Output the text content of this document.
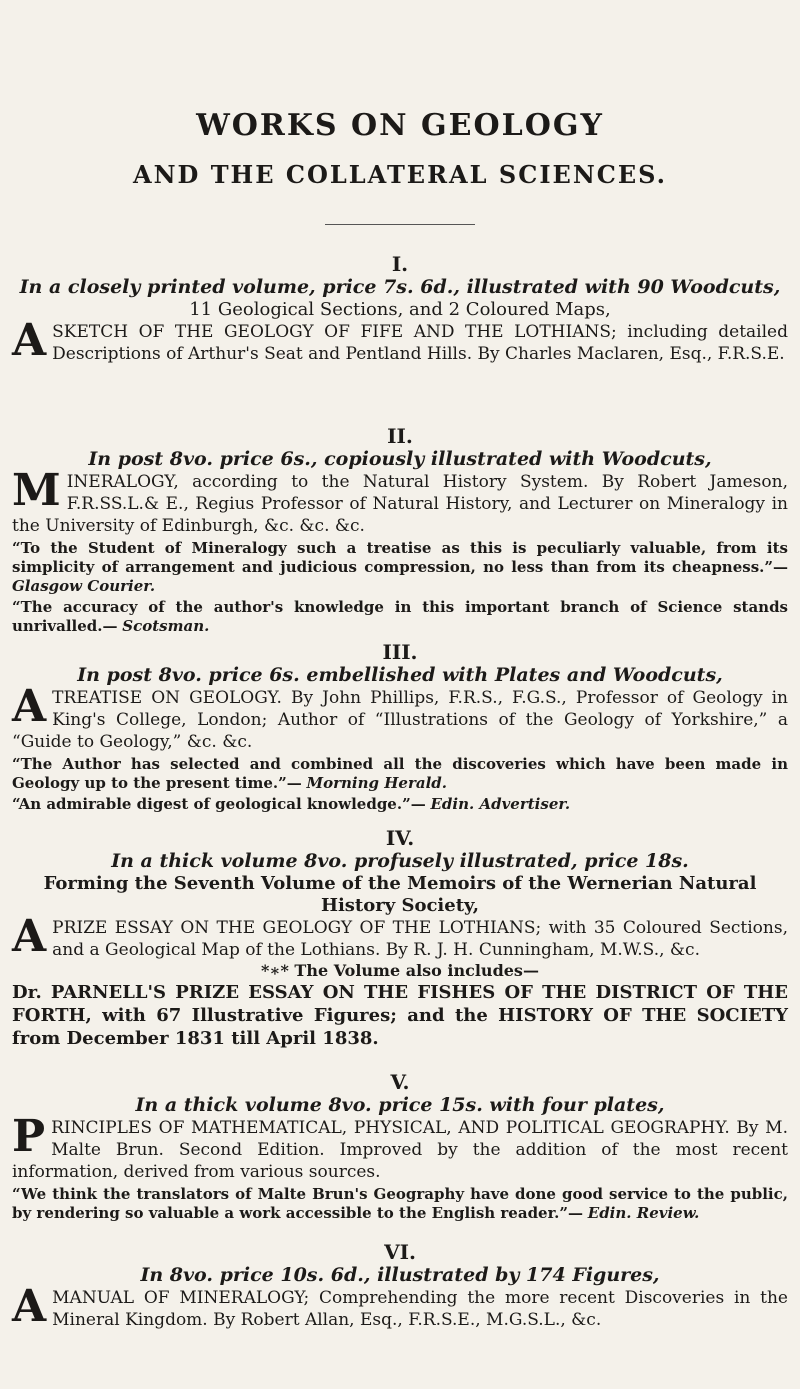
WORKS ON GEOLOGY
AND THE COLLATERAL SCIENCES.
I.
In a closely printed volume, price 7s. 6d., illustrated with 90 Woodcuts,
11 Geological Sections, and 2 Coloured Maps,

A SKETCH OF THE GEOLOGY OF FIFE AND THE LOTHIANS; including detailed Descriptions of Arthur's Seat and Pentland Hills. By Charles Maclaren, Esq., F.R.S.E.

II.
In post 8vo. price 6s., copiously illustrated with Woodcuts,

M INERALOGY, according to the Natural History System. By Robert Jameson, F.R.SS.L.& E., Regius Professor of Natural History, and Lecturer on Mineralogy in the University of Edinburgh, &c. &c. &c.

“To the Student of Mineralogy such a treatise as this is peculiarly valuable, from its simplicity of arrangement and judicious compression, no less than from its cheapness.”— Glasgow Courier.

“The accuracy of the author's knowledge in this important branch of Science stands unrivalled.— Scotsman.

III.
In post 8vo. price 6s. embellished with Plates and Woodcuts,

A TREATISE ON GEOLOGY. By John Phillips, F.R.S., F.G.S., Professor of Geology in King's College, London; Author of “Illustrations of the Geology of Yorkshire,” a “Guide to Geology,” &c. &c.

“The Author has selected and combined all the discoveries which have been made in Geology up to the present time.”— Morning Herald.

“An admirable digest of geological knowledge.”— Edin. Advertiser.

IV.
In a thick volume 8vo. profusely illustrated, price 18s.
Forming the Seventh Volume of the Memoirs of the Wernerian Natural History Society,

A PRIZE ESSAY ON THE GEOLOGY OF THE LOTHIANS; with 35 Coloured Sections, and a Geological Map of the Lothians. By R. J. H. Cunningham, M.W.S., &c.

*∗* The Volume also includes—

Dr. PARNELL'S PRIZE ESSAY ON THE FISHES OF THE DISTRICT OF THE FORTH, with 67 Illustrative Figures; and the HISTORY OF THE SOCIETY from December 1831 till April 1838.

V.
In a thick volume 8vo. price 15s. with four plates,

P RINCIPLES OF MATHEMATICAL, PHYSICAL, AND POLITICAL GEOGRAPHY. By M. Malte Brun. Second Edition. Improved by the addition of the most recent information, derived from various sources.

“We think the translators of Malte Brun's Geography have done good service to the public, by rendering so valuable a work accessible to the English reader.”— Edin. Review.

VI.
In 8vo. price 10s. 6d., illustrated by 174 Figures,

A MANUAL OF MINERALOGY; Comprehending the more recent Discoveries in the Mineral Kingdom. By Robert Allan, Esq., F.R.S.E., M.G.S.L., &c.
